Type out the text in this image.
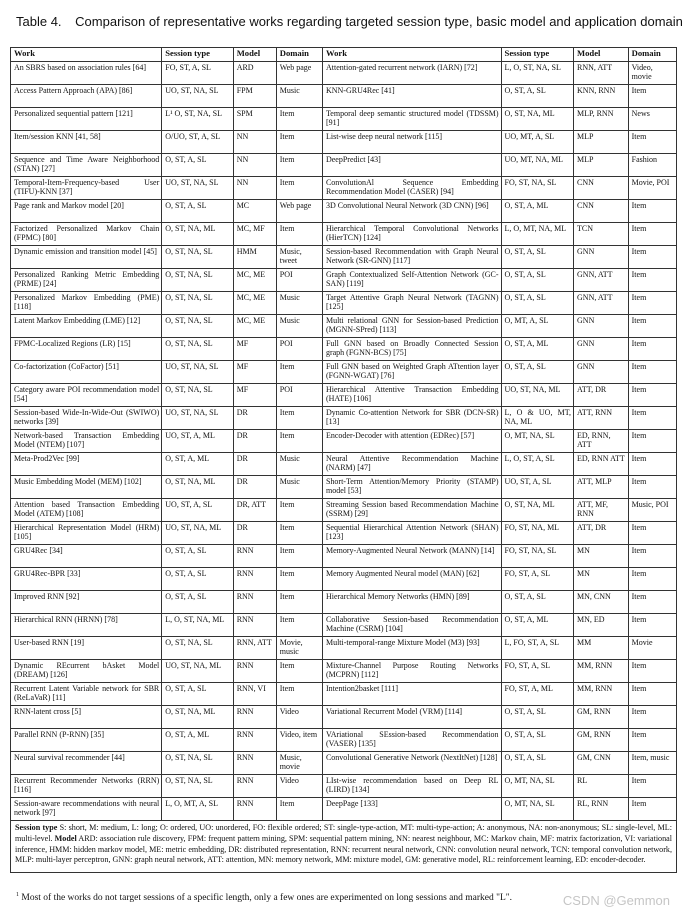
Table 4. Comparison of representative works regarding targeted session type, basic model and application domain
Work	Session type	Model	Domain	Work	Session type	Model	Domain
An SBRS based on association rules [64]	FO, ST, A, SL	ARD	Web page	Attention-gated recurrent network (IARN) [72]	L, O, ST, NA, SL	RNN, ATT	Video, movie
Access Pattern Approach (APA) [86]	UO, ST, NA, SL	FPM	Music	KNN-GRU4Rec [41]	O, ST, A, SL	KNN, RNN	Item
Personalized sequential pattern [121]	L¹ O, ST, NA, SL	SPM	Item	Temporal deep semantic structured model (TDSSM) [91]	O, ST, NA, ML	MLP, RNN	News
Item/session KNN [41, 58]	O/UO, ST, A, SL	NN	Item	List-wise deep neural network [115]	UO, MT, A, SL	MLP	Item
Sequence and Time Aware Neighborhood (STAN) [27]	O, ST, A, SL	NN	Item	DeepPredict [43]	UO, MT, NA, ML	MLP	Fashion
Temporal-Item-Frequency-based User (TIFU)-KNN [37]	UO, ST, NA, SL	NN	Item	ConvolutionAl Sequence Embedding Recommendation Model (CASER) [94]	FO, ST, NA, SL	CNN	Movie, POI
Page rank and Markov model [20]	O, ST, A, SL	MC	Web page	3D Convolutional Neural Network (3D CNN) [96]	O, ST, A, ML	CNN	Item
Factorized Personalized Markov Chain (FPMC) [80]	O, ST, NA, ML	MC, MF	Item	Hierarchical Temporal Convolutional Networks (HierTCN) [124]	L, O, MT, NA, ML	TCN	Item
Dynamic emission and transition model [45]	O, ST, NA, SL	HMM	Music, tweet	Session-based Recommendation with Graph Neural Network (SR-GNN) [117]	O, ST, A, SL	GNN	Item
Personalized Ranking Metric Embedding (PRME) [24]	O, ST, NA, SL	MC, ME	POI	Graph Contextualized Self-Attention Network (GC-SAN) [119]	O, ST, A, SL	GNN, ATT	Item
Personalized Markov Embedding (PME) [118]	O, ST, NA, SL	MC, ME	Music	Target Attentive Graph Neural Network (TAGNN) [125]	O, ST, A, SL	GNN, ATT	Item
Latent Markov Embedding (LME) [12]	O, ST, NA, SL	MC, ME	Music	Multi relational GNN for Session-based Prediction (MGNN-SPred) [113]	O, MT, A, SL	GNN	Item
FPMC-Localized Regions (LR) [15]	O, ST, NA, SL	MF	POI	Full GNN based on Broadly Connected Session graph (FGNN-BCS) [75]	O, ST, A, ML	GNN	Item
Co-factorization (CoFactor) [51]	UO, ST, NA, SL	MF	Item	Full GNN based on Weighted Graph ATtention layer (FGNN-WGAT) [76]	O, ST, A, SL	GNN	Item
Category aware POI recommendation model [54]	O, ST, NA, SL	MF	POI	Hierarchical Attentive Transaction Embedding (HATE) [106]	UO, ST, NA, ML	ATT, DR	Item
Session-based Wide-In-Wide-Out (SWIWO) networks [39]	UO, ST, NA, SL	DR	Item	Dynamic Co-attention Network for SBR (DCN-SR) [13]	L, O & UO, MT, NA, ML	ATT, RNN	Item
Network-based Transaction Embedding Model (NTEM) [107]	UO, ST, A, ML	DR	Item	Encoder-Decoder with attention (EDRec) [57]	O, MT, NA, SL	ED, RNN, ATT	Item
Meta-Prod2Vec [99]	O, ST, A, ML	DR	Music	Neural Attentive Recommendation Machine (NARM) [47]	L, O, ST, A, SL	ED, RNN ATT	Item
Music Embedding Model (MEM) [102]	O, ST, NA, ML	DR	Music	Short-Term Attention/Memory Priority (STAMP) model [53]	UO, ST, A, SL	ATT, MLP	Item
Attention based Transaction Embedding Model (ATEM) [108]	UO, ST, A, SL	DR, ATT	Item	Streaming Session based Recommendation Machine (SSRM) [29]	O, ST, NA, ML	ATT, MF, RNN	Music, POI
Hierarchical Representation Model (HRM) [105]	UO, ST, NA, ML	DR	Item	Sequential Hierarchical Attention Network (SHAN) [123]	FO, ST, NA, ML	ATT, DR	Item
GRU4Rec [34]	O, ST, A, SL	RNN	Item	Memory-Augmented Neural Network (MANN) [14]	FO, ST, NA, SL	MN	Item
GRU4Rec-BPR [33]	O, ST, A, SL	RNN	Item	Memory Augmented Neural model (MAN) [62]	FO, ST, A, SL	MN	Item
Improved RNN [92]	O, ST, A, SL	RNN	Item	Hierarchical Memory Networks (HMN) [89]	O, ST, A, SL	MN, CNN	Item
Hierarchical RNN (HRNN) [78]	L, O, ST, NA, ML	RNN	Item	Collaborative Session-based Recommendation Machine (CSRM) [104]	O, ST, A, ML	MN, ED	Item
User-based RNN [19]	O, ST, NA, SL	RNN, ATT	Movie, music	Multi-temporal-range Mixture Model (M3) [93]	L, FO, ST, A, SL	MM	Movie
Dynamic REcurrent bAsket Model (DREAM) [126]	UO, ST, NA, ML	RNN	Item	Mixture-Channel Purpose Routing Networks (MCPRN) [112]	FO, ST, A, SL	MM, RNN	Item
Recurrent Latent Variable network for SBR (ReLaVaR) [11]	O, ST, A, SL	RNN, VI	Item	Intention2basket [111]	FO, ST, A, ML	MM, RNN	Item
RNN-latent cross [5]	O, ST, NA, ML	RNN	Video	Variational Recurrent Model (VRM) [114]	O, ST, A, SL	GM, RNN	Item
Parallel RNN (P-RNN) [35]	O, ST, A, ML	RNN	Video, item	VAriational SEssion-based Recommendation (VASER) [135]	O, ST, A, SL	GM, RNN	Item
Neural survival recommender [44]	O, ST, NA, SL	RNN	Music, movie	Convolutional Generative Network (NextItNet) [128]	O, ST, A, SL	GM, CNN	Item, music
Recurrent Recommender Networks (RRN) [116]	O, ST, NA, SL	RNN	Video	LIst-wise recommendation based on Deep RL (LIRD) [134]	O, MT, NA, SL	RL	Item
Session-aware recommendations with neural network [97]	L, O, MT, A, SL	RNN	Item	DeepPage [133]	O, MT, NA, SL	RL, RNN	Item
Session type S: short, M: medium, L: long; O: ordered, UO: unordered, FO: flexible ordered; ST: single-type-action, MT: multi-type-action; A: anonymous, NA: non-anonymous; SL: single-level, ML: multi-level. Model ARD: association rule discovery, FPM: frequent pattern mining, SPM: sequential pattern mining, NN: nearest neighbour, MC: Markov chain, MF: matrix factorization, VI: variational inference, HMM: hidden markov model, ME: metric embedding, DR: distributed representation, RNN: recurrent neural network, CNN: convolution neural network, TCN: temporal convolution network, MLP: multi-layer perceptron, GNN: graph neural network, ATT: attention, MN: memory network, MM: mixture model, GM: generative model, RL: reinforcement learning, ED: encoder-decoder.							
$^1$ Most of the works do not target sessions of a specific length, only a few ones are experimented on long sessions and marked "L".	CSDN @Gemmon
